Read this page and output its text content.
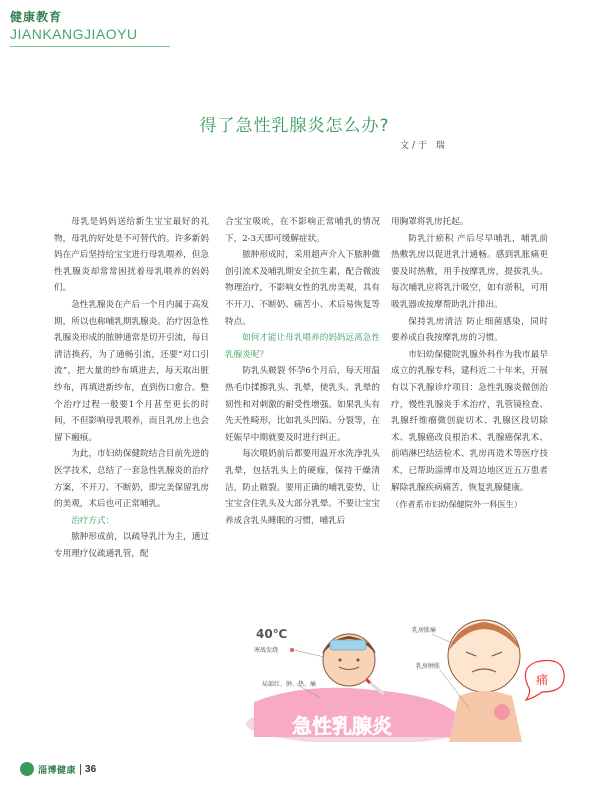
健康教育
JIANKANGJIAOYU
得了急性乳腺炎怎么办?
文/于 瑞

母乳是妈妈送给新生宝宝最好的礼物，母乳的好处是不可替代的。许多新妈妈在产后坚持给宝宝进行母乳喂养，但急性乳腺炎却常常困扰着母乳喂养的妈妈们。

急性乳腺炎在产后一个月内属于高发期，所以也称哺乳期乳腺炎。治疗因急性乳腺炎形成的脓肿通常是切开引流，每日清洁换药，为了通畅引流，还要“对口引流”，把大量的纱布填进去，每天取出脏纱布，再填进新纱布，直到伤口愈合。整个治疗过程一般要1个月甚至更长的时间，不但影响母乳喂养，而且乳房上也会留下瘢痕。

为此，市妇幼保健院结合目前先进的医学技术，总结了一套急性乳腺炎的治疗方案，不开刀、不断奶，即完美保留乳房的美观，术后也可正常哺乳。

治疗方式：

脓肿形成前，以疏导乳汁为主，通过专用理疗仪疏通乳管，配

合宝宝吸吮，在不影响正常哺乳的情况下，2-3天即可缓解症状。

脓肿形成时，采用超声介入下脓肿微创引流术及哺乳期安全抗生素，配合微波物理治疗，不影响女性的乳房美观，具有不开刀、不断奶、痛苦小、术后易恢复等特点。

如何才能让母乳喂养的妈妈远离急性乳腺炎呢？

防乳头皲裂 怀孕6个月后，每天用温热毛巾揉擦乳头、乳晕，使乳头、乳晕的韧性和对刺激的耐受性增强。如果乳头有先天性畸形，比如乳头凹陷、分裂等，在妊娠早中期就要及时进行纠正。

每次喂奶前后都要用温开水洗净乳头乳晕，包括乳头上的硬痂，保持干燥清洁，防止皲裂。要用正确的哺乳姿势，让宝宝含住乳头及大部分乳晕。不要让宝宝养成含乳头睡眠的习惯，哺乳后

用胸罩将乳房托起。

防乳汁瘀积 产后尽早哺乳，哺乳前热敷乳房以促进乳汁通畅。感到乳胀痛更要及时热敷，用手按摩乳房，提拔乳头。每次哺乳应将乳汁吸空，如有淤积，可用吸乳器或按摩帮助乳汁排出。

保持乳房清洁 防止细菌感染，同时要养成自我按摩乳房的习惯。

市妇幼保健院乳腺外科作为我市最早成立的乳腺专科，建科近二十年来，开展有以下乳腺诊疗项目：急性乳腺炎微创治疗，慢性乳腺炎手术治疗，乳管镜检查、乳腺纤维瘤微创旋切术、乳腺区段切除术、乳腺癌改良根治术、乳腺癌保乳术、前哨淋巴结活检术、乳房再造术等医疗技术，已帮助淄博市及周边地区近五万患者解除乳腺疾病痛苦，恢复乳腺健康。

（作者系市妇幼保健院外一科医生）

40℃
寒战发烧
局部红、肿、热、痛
乳房胀痛
乳房肿胀
痛
急性乳腺炎
淄博健康 36
